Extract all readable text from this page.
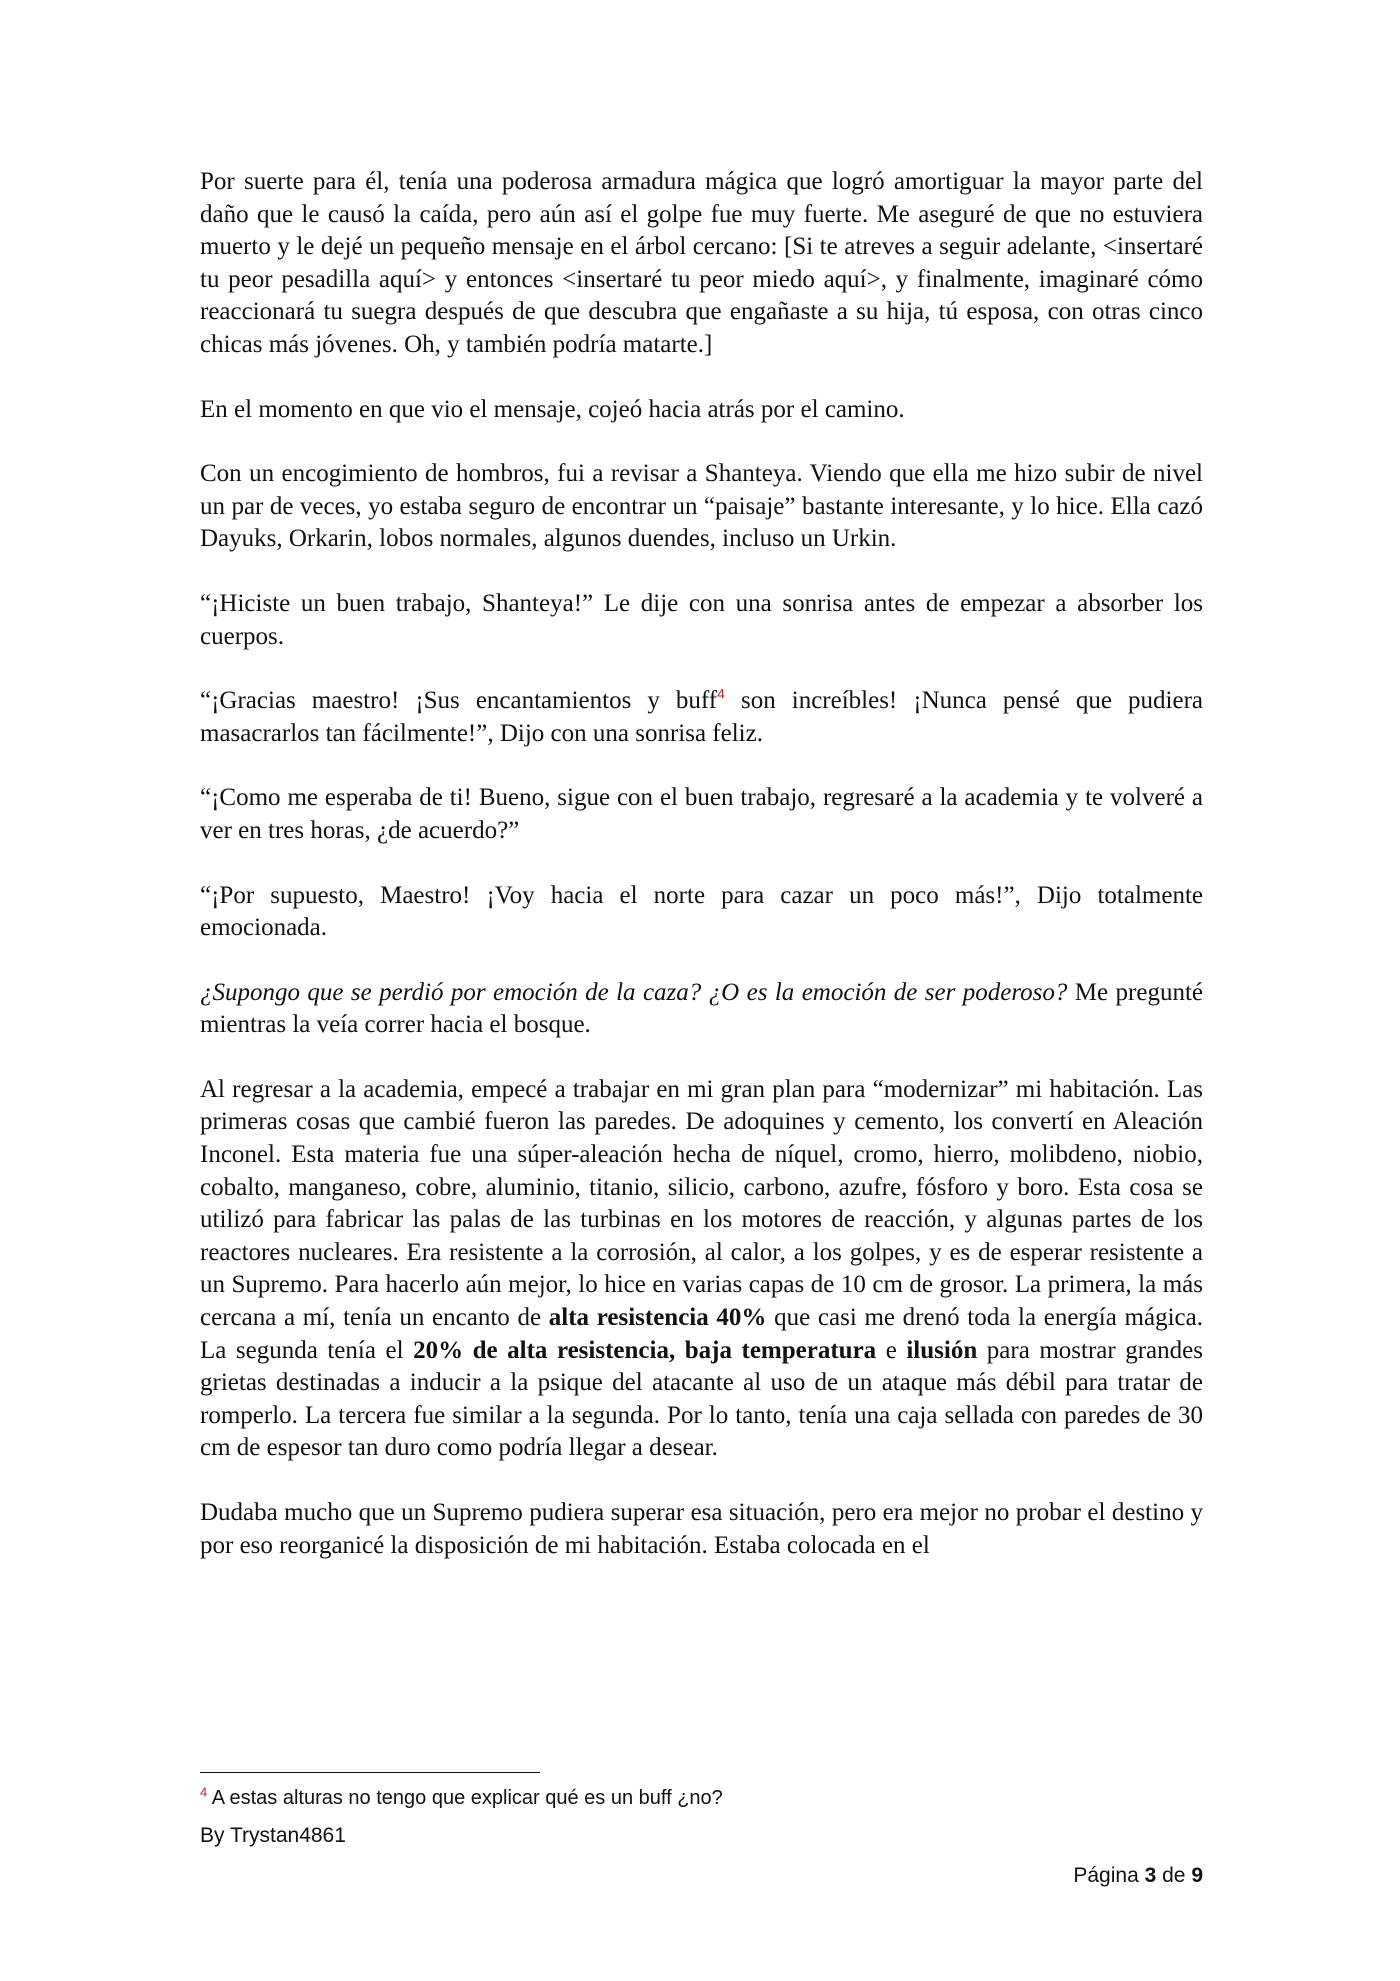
Por suerte para él, tenía una poderosa armadura mágica que logró amortiguar la mayor parte del daño que le causó la caída, pero aún así el golpe fue muy fuerte. Me aseguré de que no estuviera muerto y le dejé un pequeño mensaje en el árbol cercano: [Si te atreves a seguir adelante, <insertaré tu peor pesadilla aquí> y entonces <insertaré tu peor miedo aquí>, y finalmente, imaginaré cómo reaccionará tu suegra después de que descubra que engañaste a su hija, tú esposa, con otras cinco chicas más jóvenes. Oh, y también podría matarte.]

En el momento en que vio el mensaje, cojeó hacia atrás por el camino.

Con un encogimiento de hombros, fui a revisar a Shanteya. Viendo que ella me hizo subir de nivel un par de veces, yo estaba seguro de encontrar un “paisaje” bastante interesante, y lo hice. Ella cazó Dayuks, Orkarin, lobos normales, algunos duendes, incluso un Urkin.

“¡Hiciste un buen trabajo, Shanteya!” Le dije con una sonrisa antes de empezar a absorber los cuerpos.

“¡Gracias maestro! ¡Sus encantamientos y buff$^4$ son increíbles! ¡Nunca pensé que pudiera masacrarlos tan fácilmente!”, Dijo con una sonrisa feliz.

“¡Como me esperaba de ti! Bueno, sigue con el buen trabajo, regresaré a la academia y te volveré a ver en tres horas, ¿de acuerdo?”

“¡Por supuesto, Maestro! ¡Voy hacia el norte para cazar un poco más!”, Dijo totalmente emocionada.

¿Supongo que se perdió por emoción de la caza? ¿O es la emoción de ser poderoso? Me pregunté mientras la veía correr hacia el bosque.

Al regresar a la academia, empecé a trabajar en mi gran plan para “modernizar” mi habitación. Las primeras cosas que cambié fueron las paredes. De adoquines y cemento, los convertí en Aleación Inconel. Esta materia fue una súper-aleación hecha de níquel, cromo, hierro, molibdeno, niobio, cobalto, manganeso, cobre, aluminio, titanio, silicio, carbono, azufre, fósforo y boro. Esta cosa se utilizó para fabricar las palas de las turbinas en los motores de reacción, y algunas partes de los reactores nucleares. Era resistente a la corrosión, al calor, a los golpes, y es de esperar resistente a un Supremo. Para hacerlo aún mejor, lo hice en varias capas de 10 cm de grosor. La primera, la más cercana a mí, tenía un encanto de alta resistencia 40% que casi me drenó toda la energía mágica. La segunda tenía el 20% de alta resistencia, baja temperatura e ilusión para mostrar grandes grietas destinadas a inducir a la psique del atacante al uso de un ataque más débil para tratar de romperlo. La tercera fue similar a la segunda. Por lo tanto, tenía una caja sellada con paredes de 30 cm de espesor tan duro como podría llegar a desear.

Dudaba mucho que un Supremo pudiera superar esa situación, pero era mejor no probar el destino y por eso reorganicé la disposición de mi habitación. Estaba colocada en el

$^4$ A estas alturas no tengo que explicar qué es un buff ¿no?
By Trystan4861
Página 3 de 9
